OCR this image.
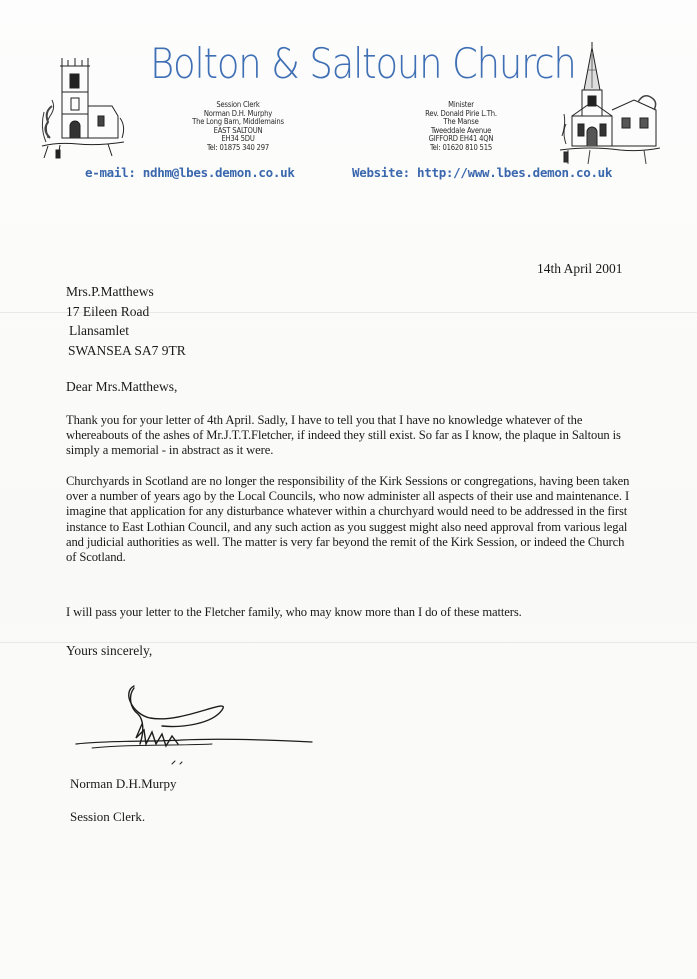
Bolton & Saltoun Church
Session Clerk
Norman D.H. Murphy
The Long Barn, Middlemains
EAST SALTOUN
EH34 5DU
Tel: 01875 340 297
Minister
Rev. Donald Pirie L.Th.
The Manse
Tweeddale Avenue
GIFFORD EH41 4QN
Tel: 01620 810 515
e-mail: ndhm@lbes.demon.co.uk	Website: http://www.lbes.demon.co.uk
14th April 2001
Mrs.P.Matthews
17 Eileen Road
Llansamlet
SWANSEA SA7 9TR
Dear Mrs.Matthews,
Thank you for your letter of 4th April. Sadly, I have to tell you that I have no knowledge whatever of the whereabouts of the ashes of Mr.J.T.T.Fletcher, if indeed they still exist. So far as I know, the plaque in Saltoun is simply a memorial - in abstract as it were.
Churchyards in Scotland are no longer the responsibility of the Kirk Sessions or congregations, having been taken over a number of years ago by the Local Councils, who now administer all aspects of their use and maintenance. I imagine that application for any disturbance whatever within a churchyard would need to be addressed in the first instance to East Lothian Council, and any such action as you suggest might also need approval from various legal and judicial authorities as well. The matter is very far beyond the remit of the Kirk Session, or indeed the Church of Scotland.
I will pass your letter to the Fletcher family, who may know more than I do of these matters.
Yours sincerely,
Norman D.H.Murpy
Session Clerk.
